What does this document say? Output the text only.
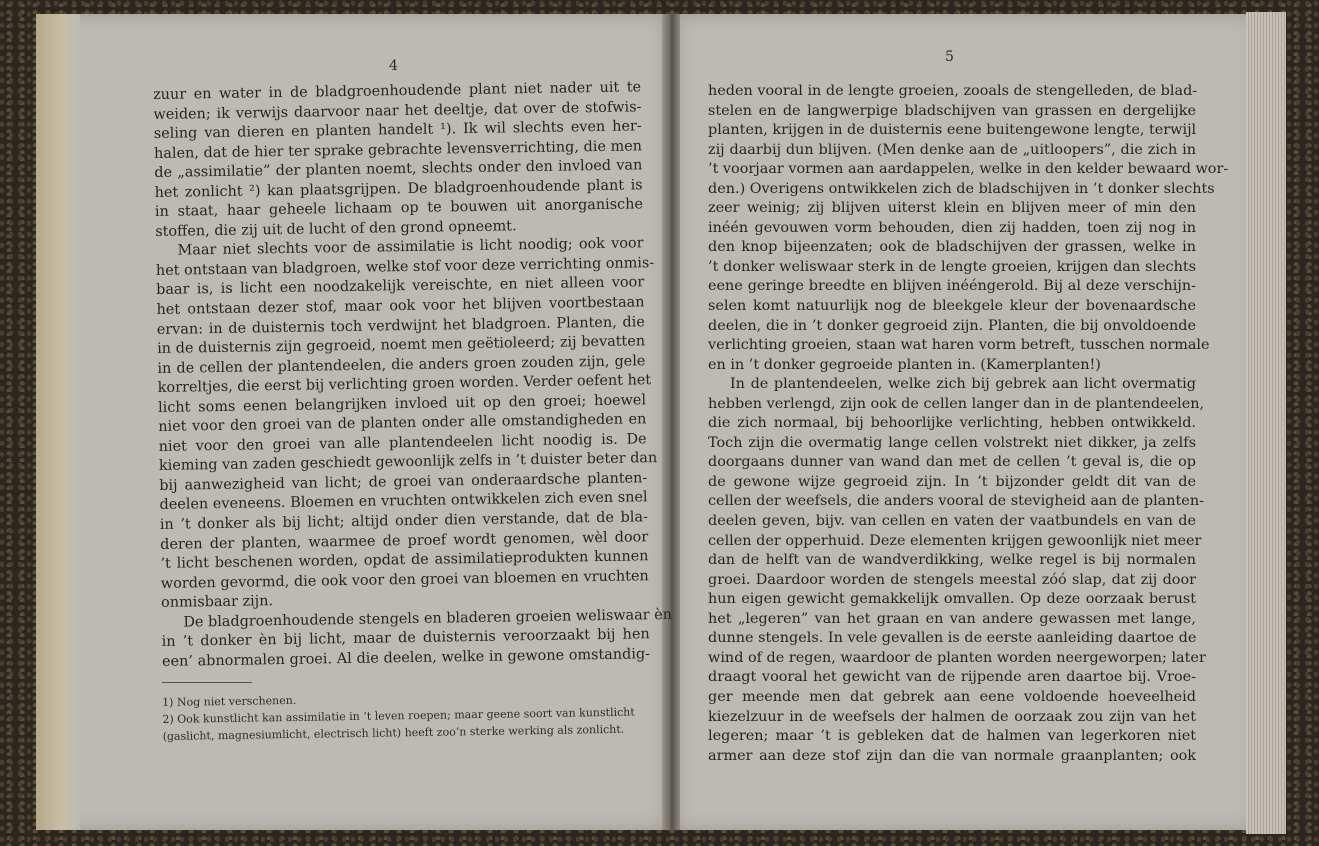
4
5
zuur en water in de bladgroenhoudende plant niet nader uit te
weiden; ik verwijs daarvoor naar het deeltje, dat over de stofwis-
seling van dieren en planten handelt ¹). Ik wil slechts even her-
halen, dat de hier ter sprake gebrachte levensverrichting, die men
de „assimilatie” der planten noemt, slechts onder den invloed van
het zonlicht ²) kan plaatsgrijpen. De bladgroenhoudende plant is
in staat, haar geheele lichaam op te bouwen uit anorganische
stoffen, die zij uit de lucht of den grond opneemt.
Maar niet slechts voor de assimilatie is licht noodig; ook voor
het ontstaan van bladgroen, welke stof voor deze verrichting onmis-
baar is, is licht een noodzakelijk vereischte, en niet alleen voor
het ontstaan dezer stof, maar ook voor het blijven voortbestaan
ervan: in de duisternis toch verdwijnt het bladgroen. Planten, die
in de duisternis zijn gegroeid, noemt men geëtioleerd; zij bevatten
in de cellen der plantendeelen, die anders groen zouden zijn, gele
korreltjes, die eerst bij verlichting groen worden. Verder oefent het
licht soms eenen belangrijken invloed uit op den groei; hoewel
niet voor den groei van de planten onder alle omstandigheden en
niet voor den groei van alle plantendeelen licht noodig is. De
kieming van zaden geschiedt gewoonlijk zelfs in ’t duister beter dan
bij aanwezigheid van licht; de groei van onderaardsche planten-
deelen eveneens. Bloemen en vruchten ontwikkelen zich even snel
in ’t donker als bij licht; altijd onder dien verstande, dat de bla-
deren der planten, waarmee de proef wordt genomen, wèl door
’t licht beschenen worden, opdat de assimilatieprodukten kunnen
worden gevormd, die ook voor den groei van bloemen en vruchten
onmisbaar zijn.
De bladgroenhoudende stengels en bladeren groeien weliswaar èn
in ’t donker èn bij licht, maar de duisternis veroorzaakt bij hen
een’ abnormalen groei. Al die deelen, welke in gewone omstandig-

1) Nog niet verschenen.

2) Ook kunstlicht kan assimilatie in ’t leven roepen; maar geene soort van kunstlicht (gaslicht, magnesiumlicht, electrisch licht) heeft zoo’n sterke werking als zonlicht.

heden vooral in de lengte groeien, zooals de stengelleden, de blad-
stelen en de langwerpige bladschijven van grassen en dergelijke
planten, krijgen in de duisternis eene buitengewone lengte, terwijl
zij daarbij dun blijven. (Men denke aan de „uitloopers”, die zich in
’t voorjaar vormen aan aardappelen, welke in den kelder bewaard wor-
den.) Overigens ontwikkelen zich de bladschijven in ’t donker slechts
zeer weinig; zij blijven uiterst klein en blijven meer of min den
inéén gevouwen vorm behouden, dien zij hadden, toen zij nog in
den knop bijeenzaten; ook de bladschijven der grassen, welke in
’t donker weliswaar sterk in de lengte groeien, krijgen dan slechts
eene geringe breedte en blijven inééngerold. Bij al deze verschijn-
selen komt natuurlijk nog de bleekgele kleur der bovenaardsche
deelen, die in ’t donker gegroeid zijn. Planten, die bij onvoldoende
verlichting groeien, staan wat haren vorm betreft, tusschen normale
en in ’t donker gegroeide planten in. (Kamerplanten!)
In de plantendeelen, welke zich bij gebrek aan licht overmatig
hebben verlengd, zijn ook de cellen langer dan in de plantendeelen,
die zich normaal, bij behoorlijke verlichting, hebben ontwikkeld.
Toch zijn die overmatig lange cellen volstrekt niet dikker, ja zelfs
doorgaans dunner van wand dan met de cellen ’t geval is, die op
de gewone wijze gegroeid zijn. In ’t bijzonder geldt dit van de
cellen der weefsels, die anders vooral de stevigheid aan de planten-
deelen geven, bijv. van cellen en vaten der vaatbundels en van de
cellen der opperhuid. Deze elementen krijgen gewoonlijk niet meer
dan de helft van de wandverdikking, welke regel is bij normalen
groei. Daardoor worden de stengels meestal zóó slap, dat zij door
hun eigen gewicht gemakkelijk omvallen. Op deze oorzaak berust
het „legeren” van het graan en van andere gewassen met lange,
dunne stengels. In vele gevallen is de eerste aanleiding daartoe de
wind of de regen, waardoor de planten worden neergeworpen; later
draagt vooral het gewicht van de rijpende aren daartoe bij. Vroe-
ger meende men dat gebrek aan eene voldoende hoeveelheid
kiezelzuur in de weefsels der halmen de oorzaak zou zijn van het
legeren; maar ’t is gebleken dat de halmen van legerkoren niet
armer aan deze stof zijn dan die van normale graanplanten; ook
